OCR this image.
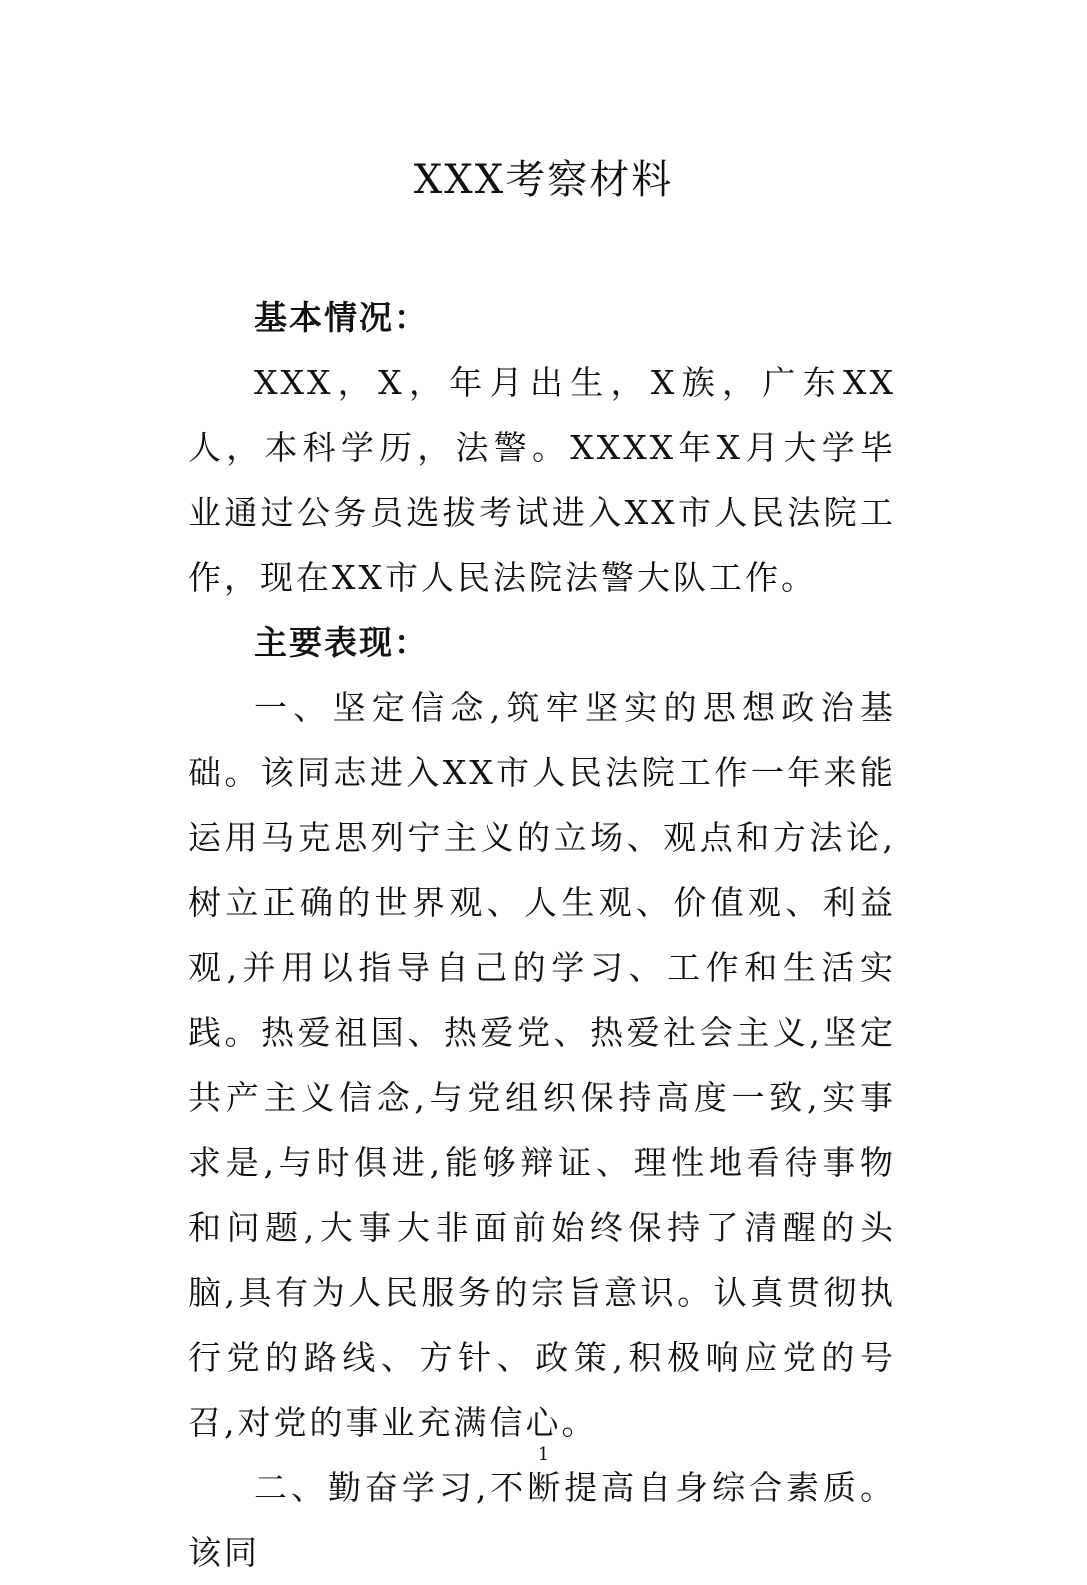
XXX考察材料

基本情况：

XXX，X，年月出生，X族，广东XX人，本科学历，法警。XXXX年X月大学毕业通过公务员选拔考试进入XX市人民法院工作，现在XX市人民法院法警大队工作。

主要表现：

一、坚定信念,筑牢坚实的思想政治基础。该同志进入XX市人民法院工作一年来能运用马克思列宁主义的立场、观点和方法论,树立正确的世界观、人生观、价值观、利益观,并用以指导自己的学习、工作和生活实践。热爱祖国、热爱党、热爱社会主义,坚定共产主义信念,与党组织保持高度一致,实事求是,与时俱进,能够辩证、理性地看待事物和问题,大事大非面前始终保持了清醒的头脑,具有为人民服务的宗旨意识。认真贯彻执行党的路线、方针、政策,积极响应党的号召,对党的事业充满信心。

二、勤奋学习,不断提高自身综合素质。该同

1
